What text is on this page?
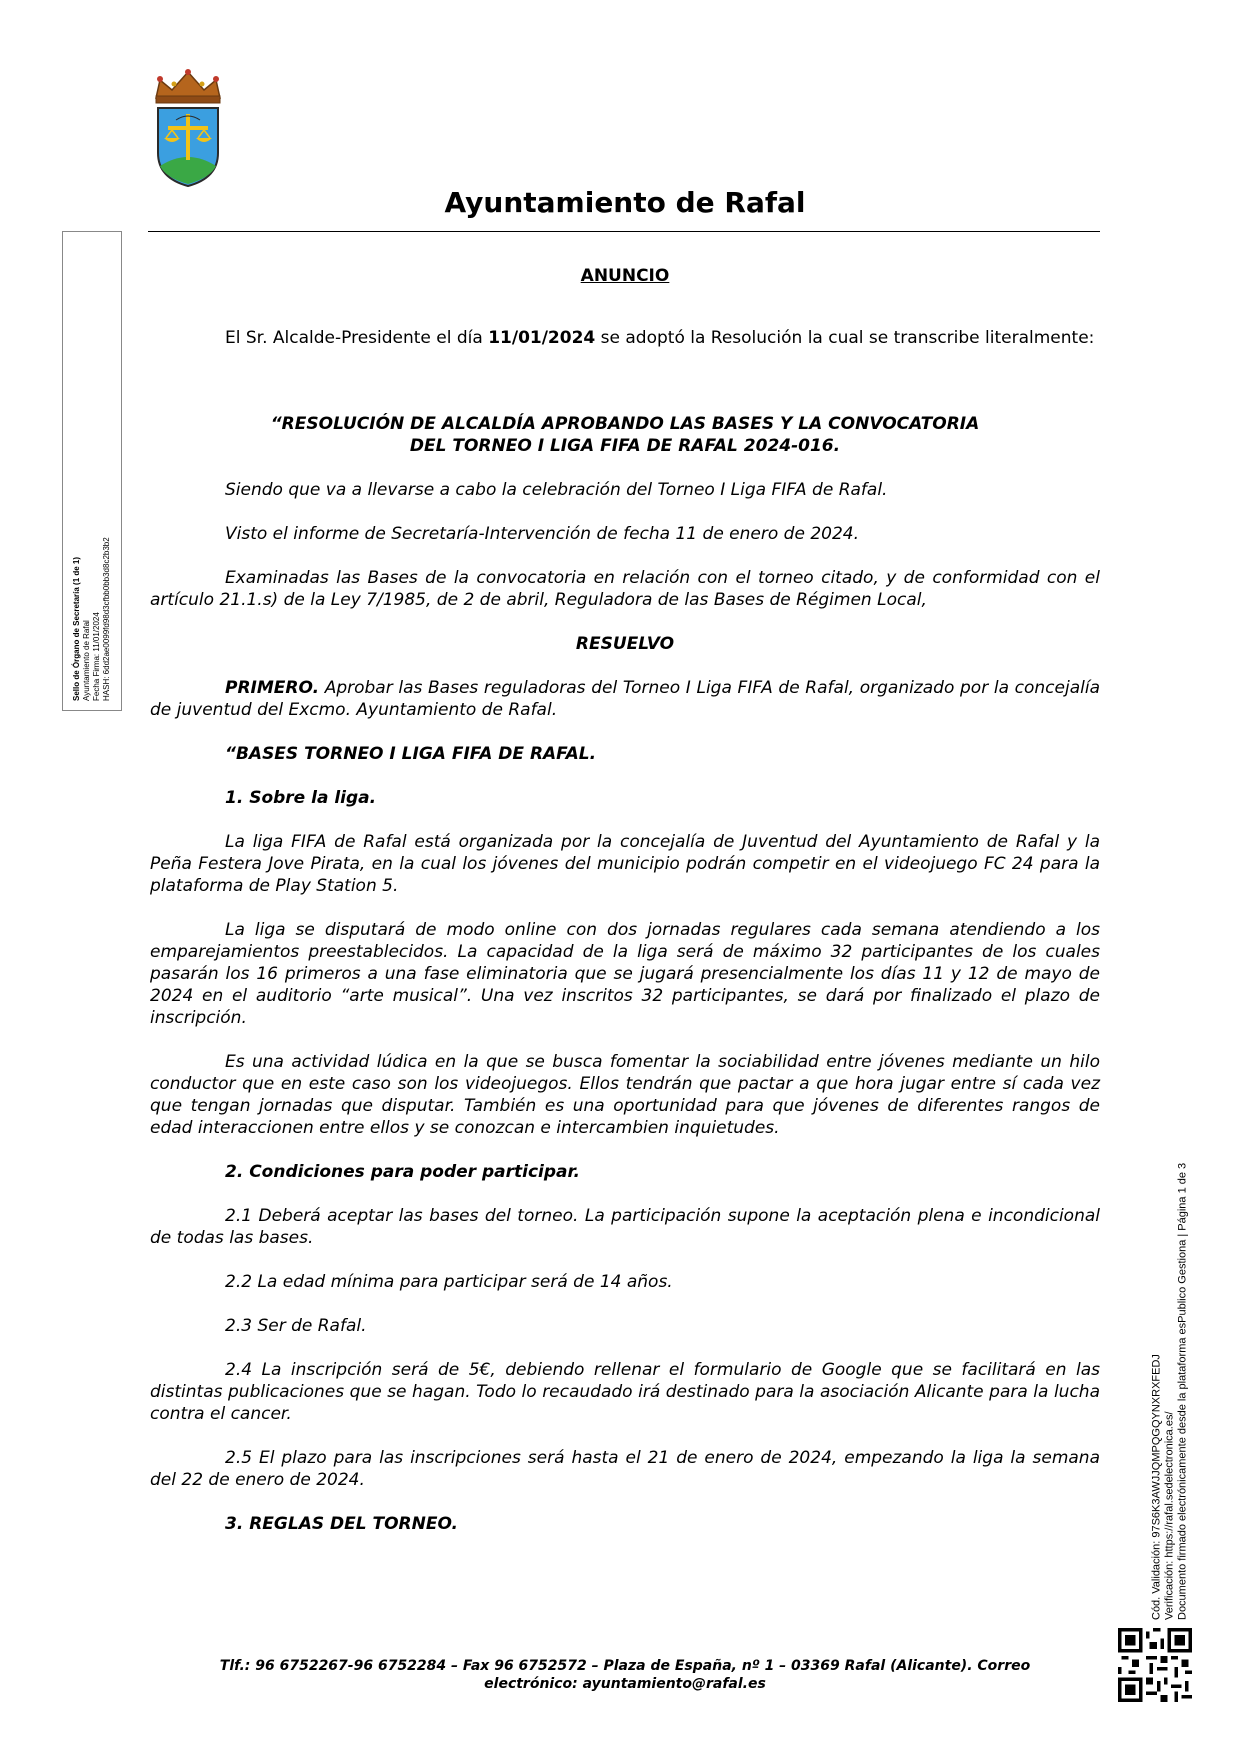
Ayuntamiento de Rafal
Sello de Órgano de Secretaría (1 de 1) Ayuntamiento de Rafal Fecha Firma: 11/01/2024 HASH: 6dd2ae0099fd98d3cfbb0bb3d8c2b3b2
Cód. Validación: 97S6K3AWJJQMPQGQYNXRXFEDJ Verificación: https://rafal.sedelectronica.es/ Documento firmado electrónicamente desde la plataforma esPublico Gestiona | Página 1 de 3

ANUNCIO

El Sr. Alcalde-Presidente el día 11/01/2024 se adoptó la Resolución la cual se transcribe literalmente:

“RESOLUCIÓN DE ALCALDÍA APROBANDO LAS BASES Y LA CONVOCATORIA
DEL TORNEO I LIGA FIFA DE RAFAL 2024-016.

Siendo que va a llevarse a cabo la celebración del Torneo I Liga FIFA de Rafal.

Visto el informe de Secretaría-Intervención de fecha 11 de enero de 2024.

Examinadas las Bases de la convocatoria en relación con el torneo citado, y de conformidad con el artículo 21.1.s) de la Ley 7/1985, de 2 de abril, Reguladora de las Bases de Régimen Local,

RESUELVO

PRIMERO. Aprobar las Bases reguladoras del Torneo I Liga FIFA de Rafal, organizado por la concejalía de juventud del Excmo. Ayuntamiento de Rafal.

“BASES TORNEO I LIGA FIFA DE RAFAL.

1. Sobre la liga.

La liga FIFA de Rafal está organizada por la concejalía de Juventud del Ayuntamiento de Rafal y la Peña Festera Jove Pirata, en la cual los jóvenes del municipio podrán competir en el videojuego FC 24 para la plataforma de Play Station 5.

La liga se disputará de modo online con dos jornadas regulares cada semana atendiendo a los emparejamientos preestablecidos. La capacidad de la liga será de máximo 32 participantes de los cuales pasarán los 16 primeros a una fase eliminatoria que se jugará presencialmente los días 11 y 12 de mayo de 2024 en el auditorio “arte musical”. Una vez inscritos 32 participantes, se dará por finalizado el plazo de inscripción.

Es una actividad lúdica en la que se busca fomentar la sociabilidad entre jóvenes mediante un hilo conductor que en este caso son los videojuegos. Ellos tendrán que pactar a que hora jugar entre sí cada vez que tengan jornadas que disputar. También es una oportunidad para que jóvenes de diferentes rangos de edad interaccionen entre ellos y se conozcan e intercambien inquietudes.

2. Condiciones para poder participar.

2.1 Deberá aceptar las bases del torneo. La participación supone la aceptación plena e incondicional de todas las bases.

2.2 La edad mínima para participar será de 14 años.

2.3 Ser de Rafal.

2.4 La inscripción será de 5€, debiendo rellenar el formulario de Google que se facilitará en las distintas publicaciones que se hagan. Todo lo recaudado irá destinado para la asociación Alicante para la lucha contra el cancer.

2.5 El plazo para las inscripciones será hasta el 21 de enero de 2024, empezando la liga la semana del 22 de enero de 2024.

3. REGLAS DEL TORNEO.

Tlf.: 96 6752267-96 6752284 – Fax 96 6752572 – Plaza de España, nº 1 – 03369 Rafal (Alicante). Correo
electrónico: ayuntamiento@rafal.es
